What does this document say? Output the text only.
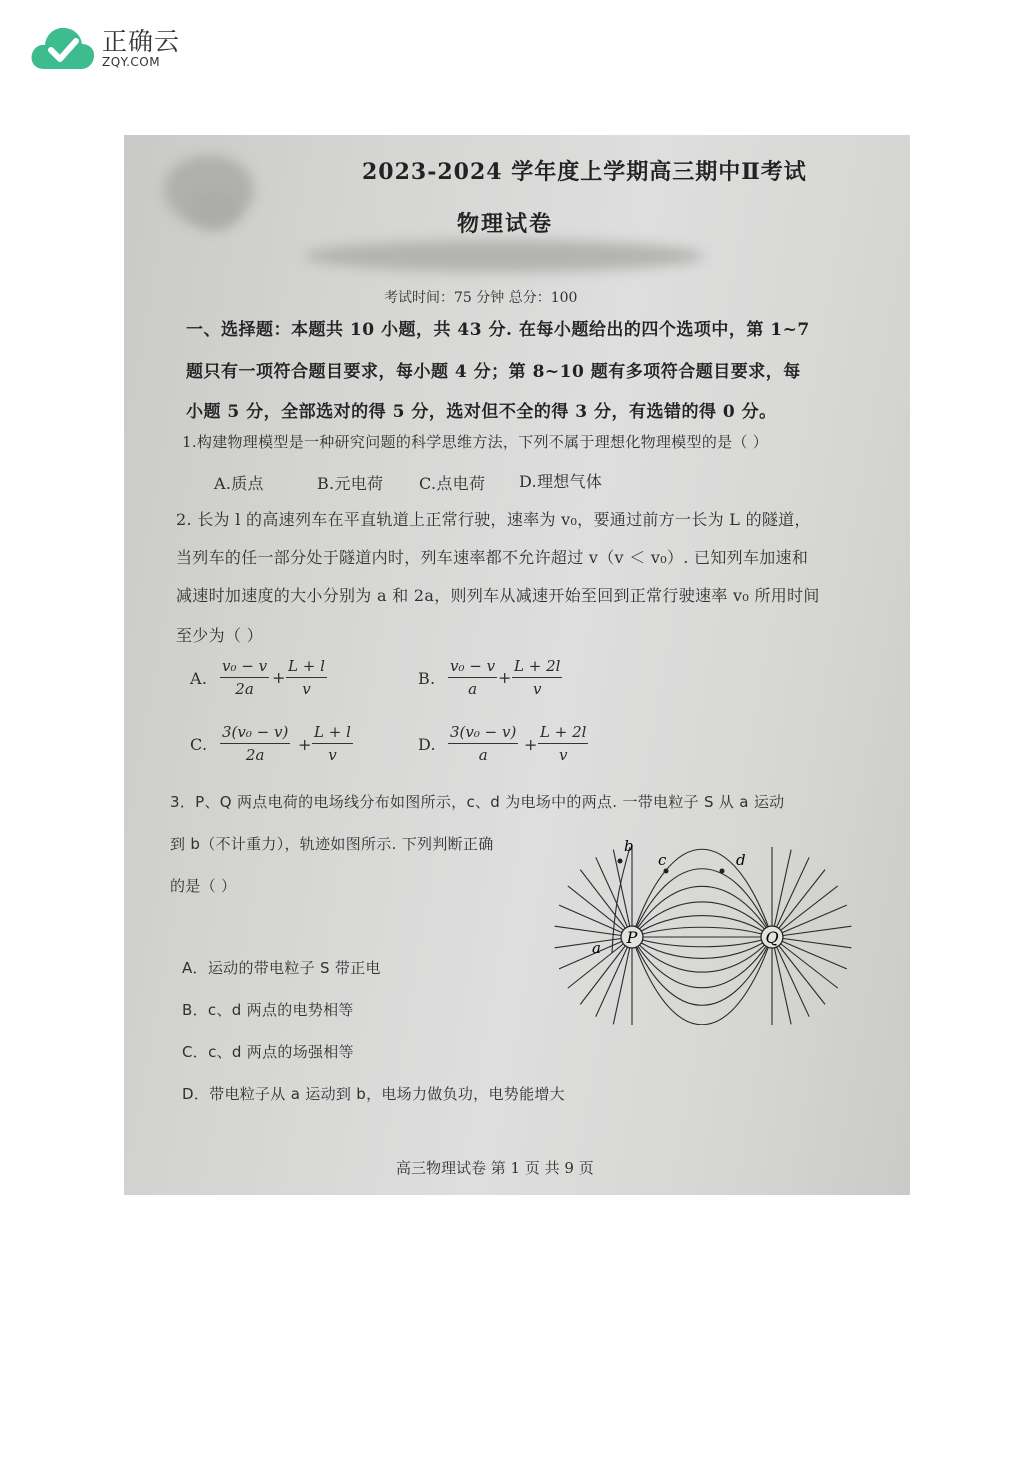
正确云
ZQY.COM
2023-2024 学年度上学期高三期中Ⅱ考试
物理试卷
考试时间：75 分钟 总分：100
一、选择题：本题共 10 小题，共 43 分. 在每小题给出的四个选项中，第 1~7
题只有一项符合题目要求，每小题 4 分；第 8~10 题有多项符合题目要求，每
小题 5 分，全部选对的得 5 分，选对但不全的得 3 分，有选错的得 0 分。
1.构建物理模型是一种研究问题的科学思维方法，下列不属于理想化物理模型的是（ ）
A.质点	B.元电荷 C.点电荷 D.理想气体
2. 长为 l 的高速列车在平直轨道上正常行驶，速率为 v₀，要通过前方一长为 L 的隧道，
当列车的任一部分处于隧道内时，列车速率都不允许超过 v（v ＜ v₀）. 已知列车加速和
减速时加速度的大小分别为 a 和 2a，则列车从减速开始至回到正常行驶速率 v₀ 所用时间
至少为（ ）
A. $\frac{\text{v₀ − v}}{2a} + \frac{L + l}{v}$	B. $\frac{\text{v₀ − v}}{a} + \frac{L + 2l}{v}$
C. $\frac{\text{3(v₀ − v)}}{2a} + \frac{L + l}{v}$	D. $\frac{\text{3(v₀ − v)}}{a} + \frac{L + 2l}{v}$
3．P、Q 两点电荷的电场线分布如图所示，c、d 为电场中的两点. 一带电粒子 S 从 a 运动
到 b（不计重力），轨迹如图所示. 下列判断正确
的是（ ）
A．运动的带电粒子 S 带正电
B．c、d 两点的电势相等
C．c、d 两点的场强相等
D．带电粒子从 a 运动到 b，电场力做负功，电势能增大
P	Q
a
b
c	d
高三物理试卷 第 1 页 共 9 页
